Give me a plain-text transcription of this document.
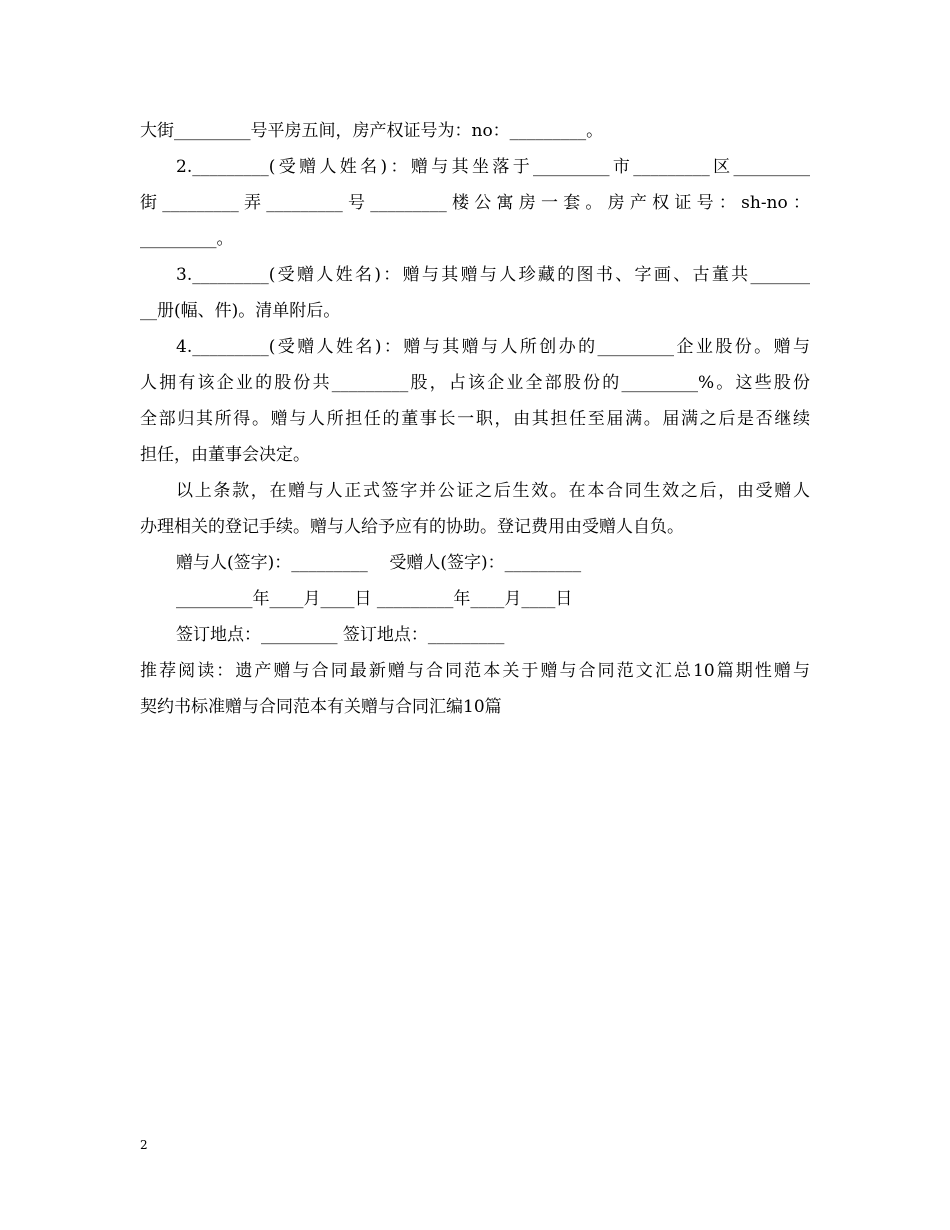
大街_________号平房五间，房产权证号为：no：_________。
2._________(受赠人姓名)：赠与其坐落于_________市_________区_________
街_________弄_________号_________楼公寓房一套。房产权证号：sh-no：
_________。
3._________(受赠人姓名)：赠与其赠与人珍藏的图书、字画、古董共_______
__册(幅、件)。清单附后。
4._________(受赠人姓名)：赠与其赠与人所创办的_________企业股份。赠与
人拥有该企业的股份共_________股，占该企业全部股份的_________%。这些股份
全部归其所得。赠与人所担任的董事长一职，由其担任至届满。届满之后是否继续
担任，由董事会决定。
以上条款，在赠与人正式签字并公证之后生效。在本合同生效之后，由受赠人
办理相关的登记手续。赠与人给予应有的协助。登记费用由受赠人自负。
赠与人(签字)：_________    受赠人(签字)：_________
_________年____月____日 _________年____月____日
签订地点：_________ 签订地点：_________
推荐阅读：遗产赠与合同最新赠与合同范本关于赠与合同范文汇总10篇期性赠与
契约书标准赠与合同范本有关赠与合同汇编10篇
2
